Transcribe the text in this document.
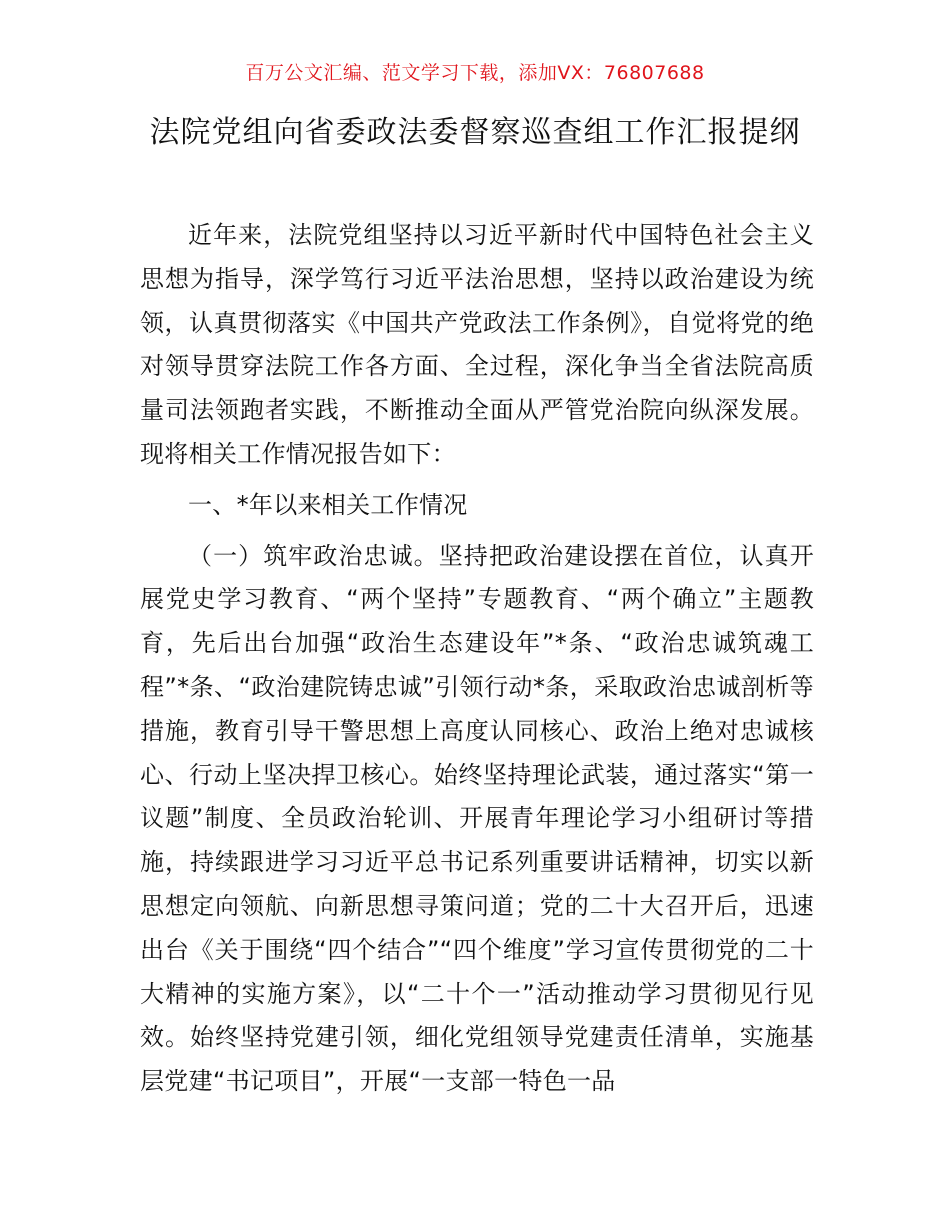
百万公文汇编、范文学习下载，添加VX：76807688
法院党组向省委政法委督察巡查组工作汇报提纲

近年来，法院党组坚持以习近平新时代中国特色社会主义思想为指导，深学笃行习近平法治思想，坚持以政治建设为统领，认真贯彻落实《中国共产党政法工作条例》，自觉将党的绝对领导贯穿法院工作各方面、全过程，深化争当全省法院高质量司法领跑者实践，不断推动全面从严管党治院向纵深发展。现将相关工作情况报告如下：

一、*年以来相关工作情况

（一）筑牢政治忠诚。坚持把政治建设摆在首位，认真开展党史学习教育、“两个坚持”专题教育、“两个确立”主题教育，先后出台加强“政治生态建设年”*条、“政治忠诚筑魂工程”*条、“政治建院铸忠诚”引领行动*条，采取政治忠诚剖析等措施，教育引导干警思想上高度认同核心、政治上绝对忠诚核心、行动上坚决捍卫核心。始终坚持理论武装，通过落实“第一议题”制度、全员政治轮训、开展青年理论学习小组研讨等措施，持续跟进学习习近平总书记系列重要讲话精神，切实以新思想定向领航、向新思想寻策问道；党的二十大召开后，迅速出台《关于围绕“四个结合”“四个维度”学习宣传贯彻党的二十大精神的实施方案》，以“二十个一”活动推动学习贯彻见行见效。始终坚持党建引领，细化党组领导党建责任清单，实施基层党建“书记项目”，开展“一支部一特色一品
